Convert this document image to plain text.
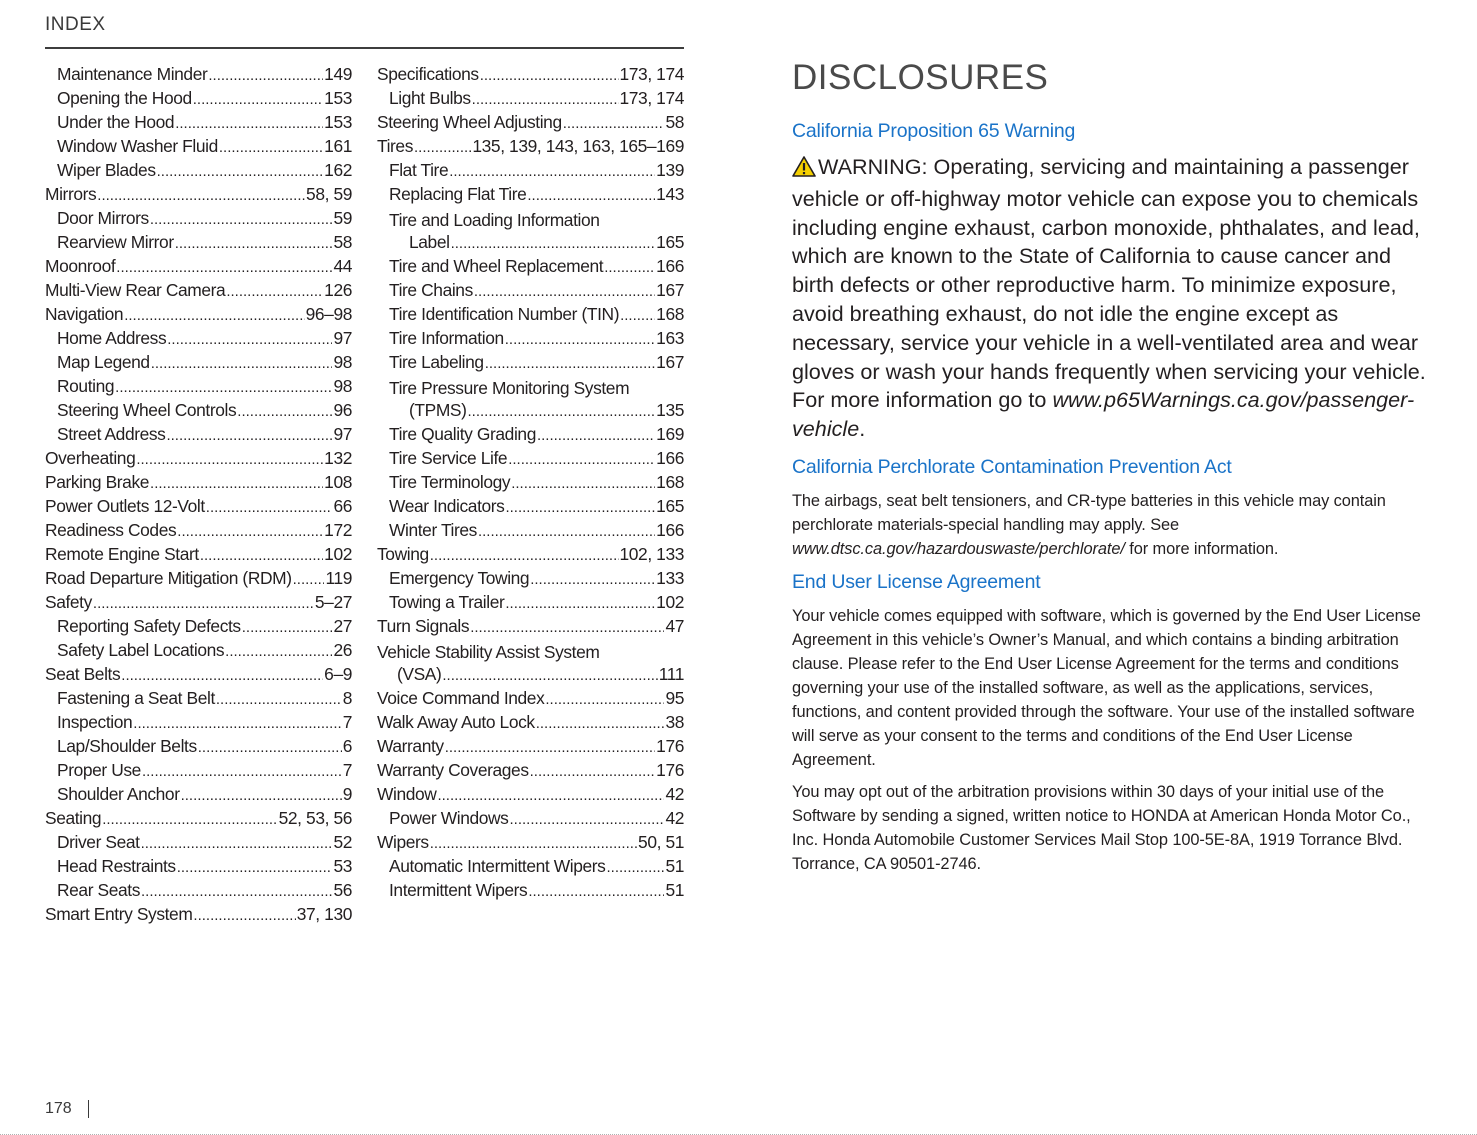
INDEX
Maintenance Minder .....	149
Opening the Hood .....	153
Under the Hood .....	153
Window Washer Fluid .....	161
Wiper Blades .....	162
Mirrors .....	58, 59
Door Mirrors .....	59
Rearview Mirror .....	58
Moonroof .....	44
Multi-View Rear Camera .....	126
Navigation .....	96–98
Home Address .....	97
Map Legend .....	98
Routing .....	98
Steering Wheel Controls .....	96
Street Address .....	97
Overheating .....	132
Parking Brake .....	108
Power Outlets 12-Volt .....	66
Readiness Codes .....	172
Remote Engine Start .....	102
Road Departure Mitigation (RDM) ..... 119
Safety .....	5–27
Reporting Safety Defects .....	27
Safety Label Locations .....	26
Seat Belts .....	6–9
Fastening a Seat Belt .....	8
Inspection .....	7
Lap/Shoulder Belts .....	6
Proper Use .....	7
Shoulder Anchor .....	9
Seating .....	52, 53, 56
Driver Seat .....	52
Head Restraints .....	53
Rear Seats .....	56
Smart Entry System .....	37, 130
Specifications .....	173, 174
Light Bulbs .....	173, 174
Steering Wheel Adjusting .....	58
Tires .....	135, 139, 143, 163, 165–169
Flat Tire .....	139
Replacing Flat Tire .....	143
Tire and Loading Information
Label .....	165
Tire and Wheel Replacement .....	166
Tire Chains .....	167
Tire Identification Number (TIN) ..... 168
Tire Information .....	163
Tire Labeling .....	167
Tire Pressure Monitoring System
(TPMS) .....	135
Tire Quality Grading .....	169
Tire Service Life .....	166
Tire Terminology .....	168
Wear Indicators .....	165
Winter Tires .....	166
Towing .....	102, 133
Emergency Towing .....	133
Towing a Trailer .....	102
Turn Signals .....	47
Vehicle Stability Assist System
(VSA) .....	111
Voice Command Index .....	95
Walk Away Auto Lock .....	38
Warranty .....	176
Warranty Coverages .....	176
Window .....	42
Power Windows .....	42
Wipers .....	50, 51
Automatic Intermittent Wipers .....	51
Intermittent Wipers .....	51
DISCLOSURES
California Proposition 65 Warning

WARNING: Operating, servicing and maintaining a passenger vehicle or off-highway motor vehicle can expose you to chemicals including engine exhaust, carbon monoxide, phthalates, and lead, which are known to the State of California to cause cancer and birth defects or other reproductive harm. To minimize exposure, avoid breathing exhaust, do not idle the engine except as necessary, service your vehicle in a well-ventilated area and wear gloves or wash your hands frequently when servicing your vehicle. For more information go to www.p65Warnings.ca.gov/passenger-vehicle.

California Perchlorate Contamination Prevention Act

The airbags, seat belt tensioners, and CR-type batteries in this vehicle may contain perchlorate materials-special handling may apply. See www.dtsc.ca.gov/hazardouswaste/perchlorate/ for more information.

End User License Agreement

Your vehicle comes equipped with software, which is governed by the End User License Agreement in this vehicle’s Owner’s Manual, and which contains a binding arbitration clause. Please refer to the End User License Agreement for the terms and conditions governing your use of the installed software, as well as the applications, services, functions, and content provided through the software. Your use of the installed software will serve as your consent to the terms and conditions of the End User License Agreement.

You may opt out of the arbitration provisions within 30 days of your initial use of the Software by sending a signed, written notice to HONDA at American Honda Motor Co., Inc. Honda Automobile Customer Services Mail Stop 100-5E-8A, 1919 Torrance Blvd. Torrance, CA 90501-2746.

178
